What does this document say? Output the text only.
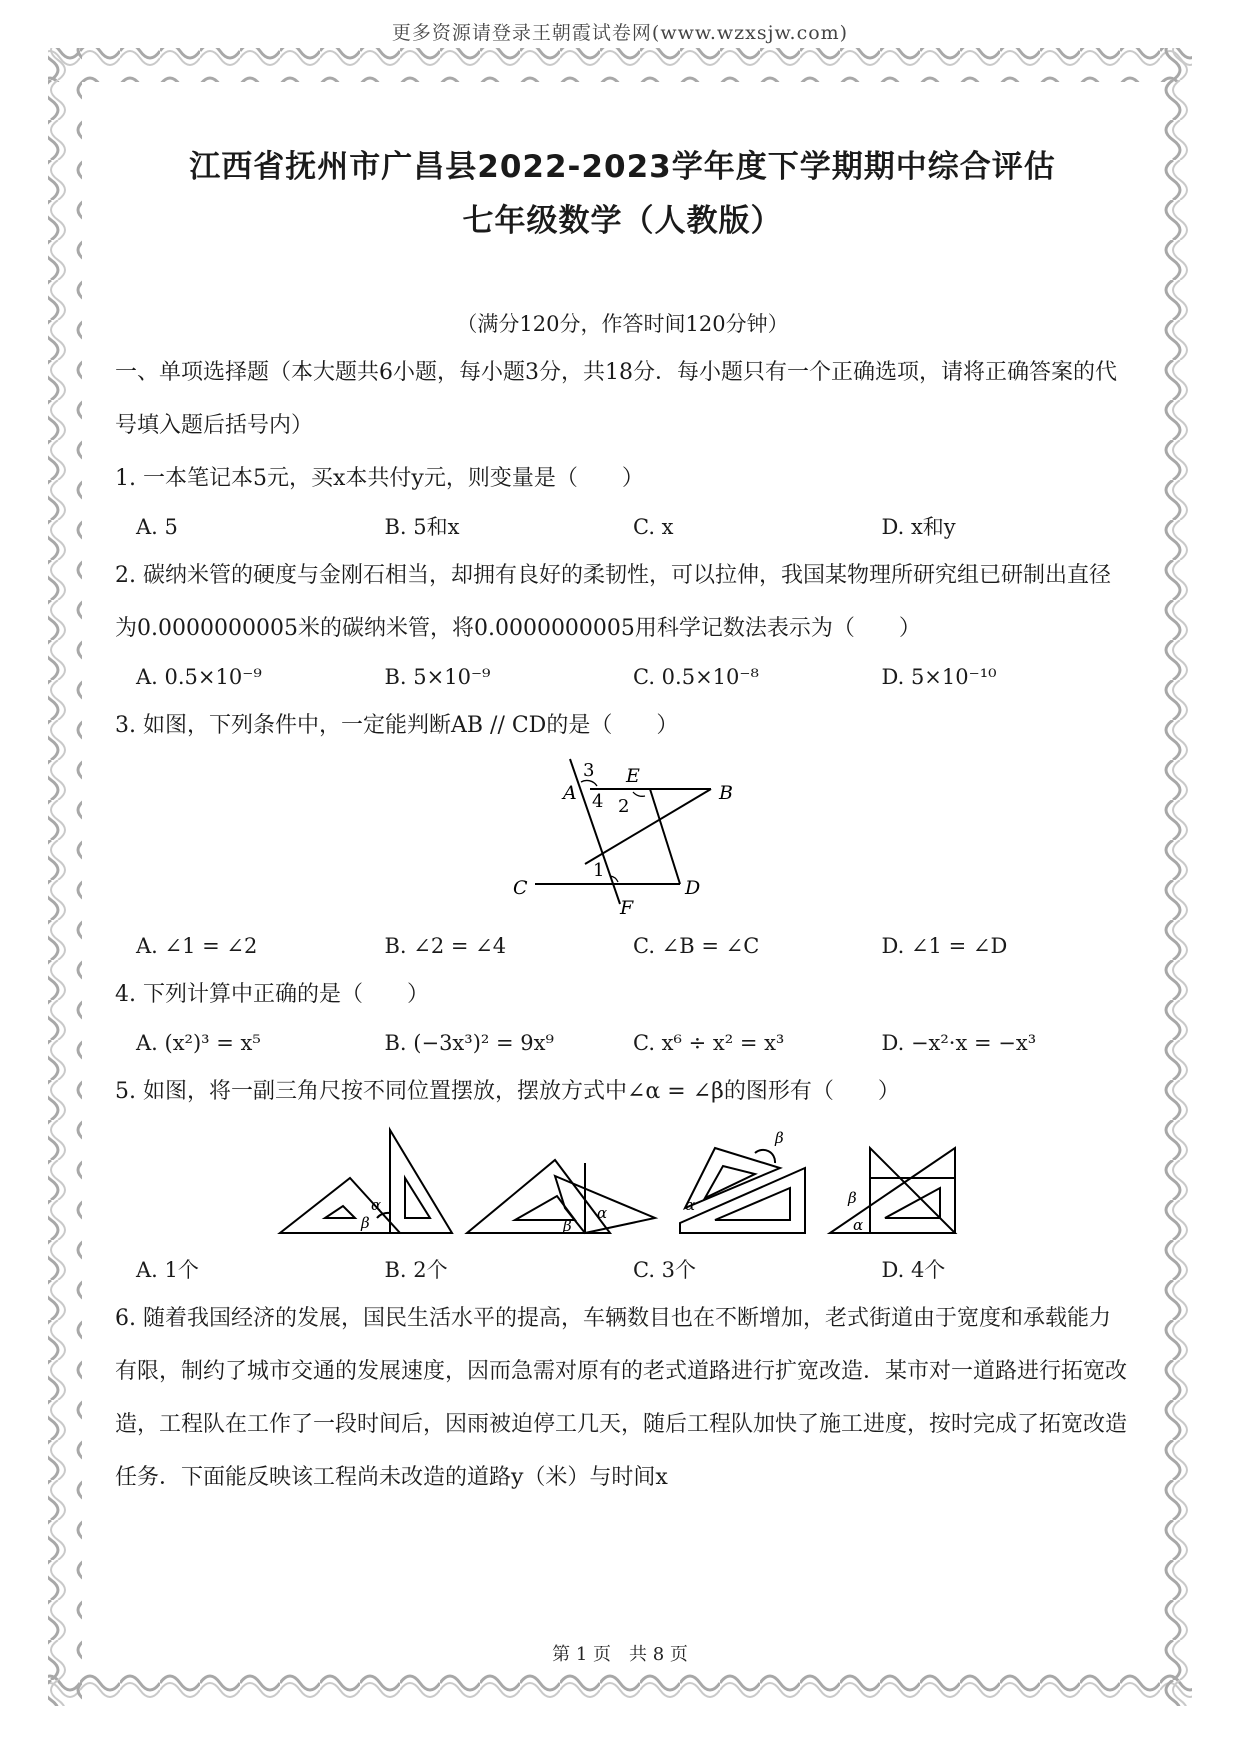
更多资源请登录王朝霞试卷网(www.wzxsjw.com)
江西省抚州市广昌县2022-2023学年度下学期期中综合评估
七年级数学（人教版）
（满分120分，作答时间120分钟）
一、单项选择题（本大题共6小题，每小题3分，共18分．每小题只有一个正确选项，请将正确答案的代号填入题后括号内）
1. 一本笔记本5元，买x本共付y元，则变量是（　　）
A. 5	B. 5和x	C. x	D. x和y
2. 碳纳米管的硬度与金刚石相当，却拥有良好的柔韧性，可以拉伸，我国某物理所研究组已研制出直径为0.0000000005米的碳纳米管，将0.0000000005用科学记数法表示为（　　）
A. 0.5×10⁻⁹	B. 5×10⁻⁹	C. 0.5×10⁻⁸	D. 5×10⁻¹⁰
3. 如图，下列条件中，一定能判断AB // CD的是（　　）
A	B
C	D
E
F
1
2
3
4
A. ∠1 = ∠2	B. ∠2 = ∠4	C. ∠B = ∠C	D. ∠1 = ∠D
4. 下列计算中正确的是（　　）
A. (x²)³ = x⁵	B. (−3x³)² = 9x⁹	C. x⁶ ÷ x² = x³	D. −x²·x = −x³
5. 如图，将一副三角尺按不同位置摆放，摆放方式中∠α = ∠β的图形有（　　）
α
β
α
β
β
α	β
α
A. 1个	B. 2个	C. 3个	D. 4个
6. 随着我国经济的发展，国民生活水平的提高，车辆数目也在不断增加，老式街道由于宽度和承载能力有限，制约了城市交通的发展速度，因而急需对原有的老式道路进行扩宽改造．某市对一道路进行拓宽改造，工程队在工作了一段时间后，因雨被迫停工几天，随后工程队加快了施工进度，按时完成了拓宽改造任务．下面能反映该工程尚未改造的道路y（米）与时间x
第 1 页　共 8 页
